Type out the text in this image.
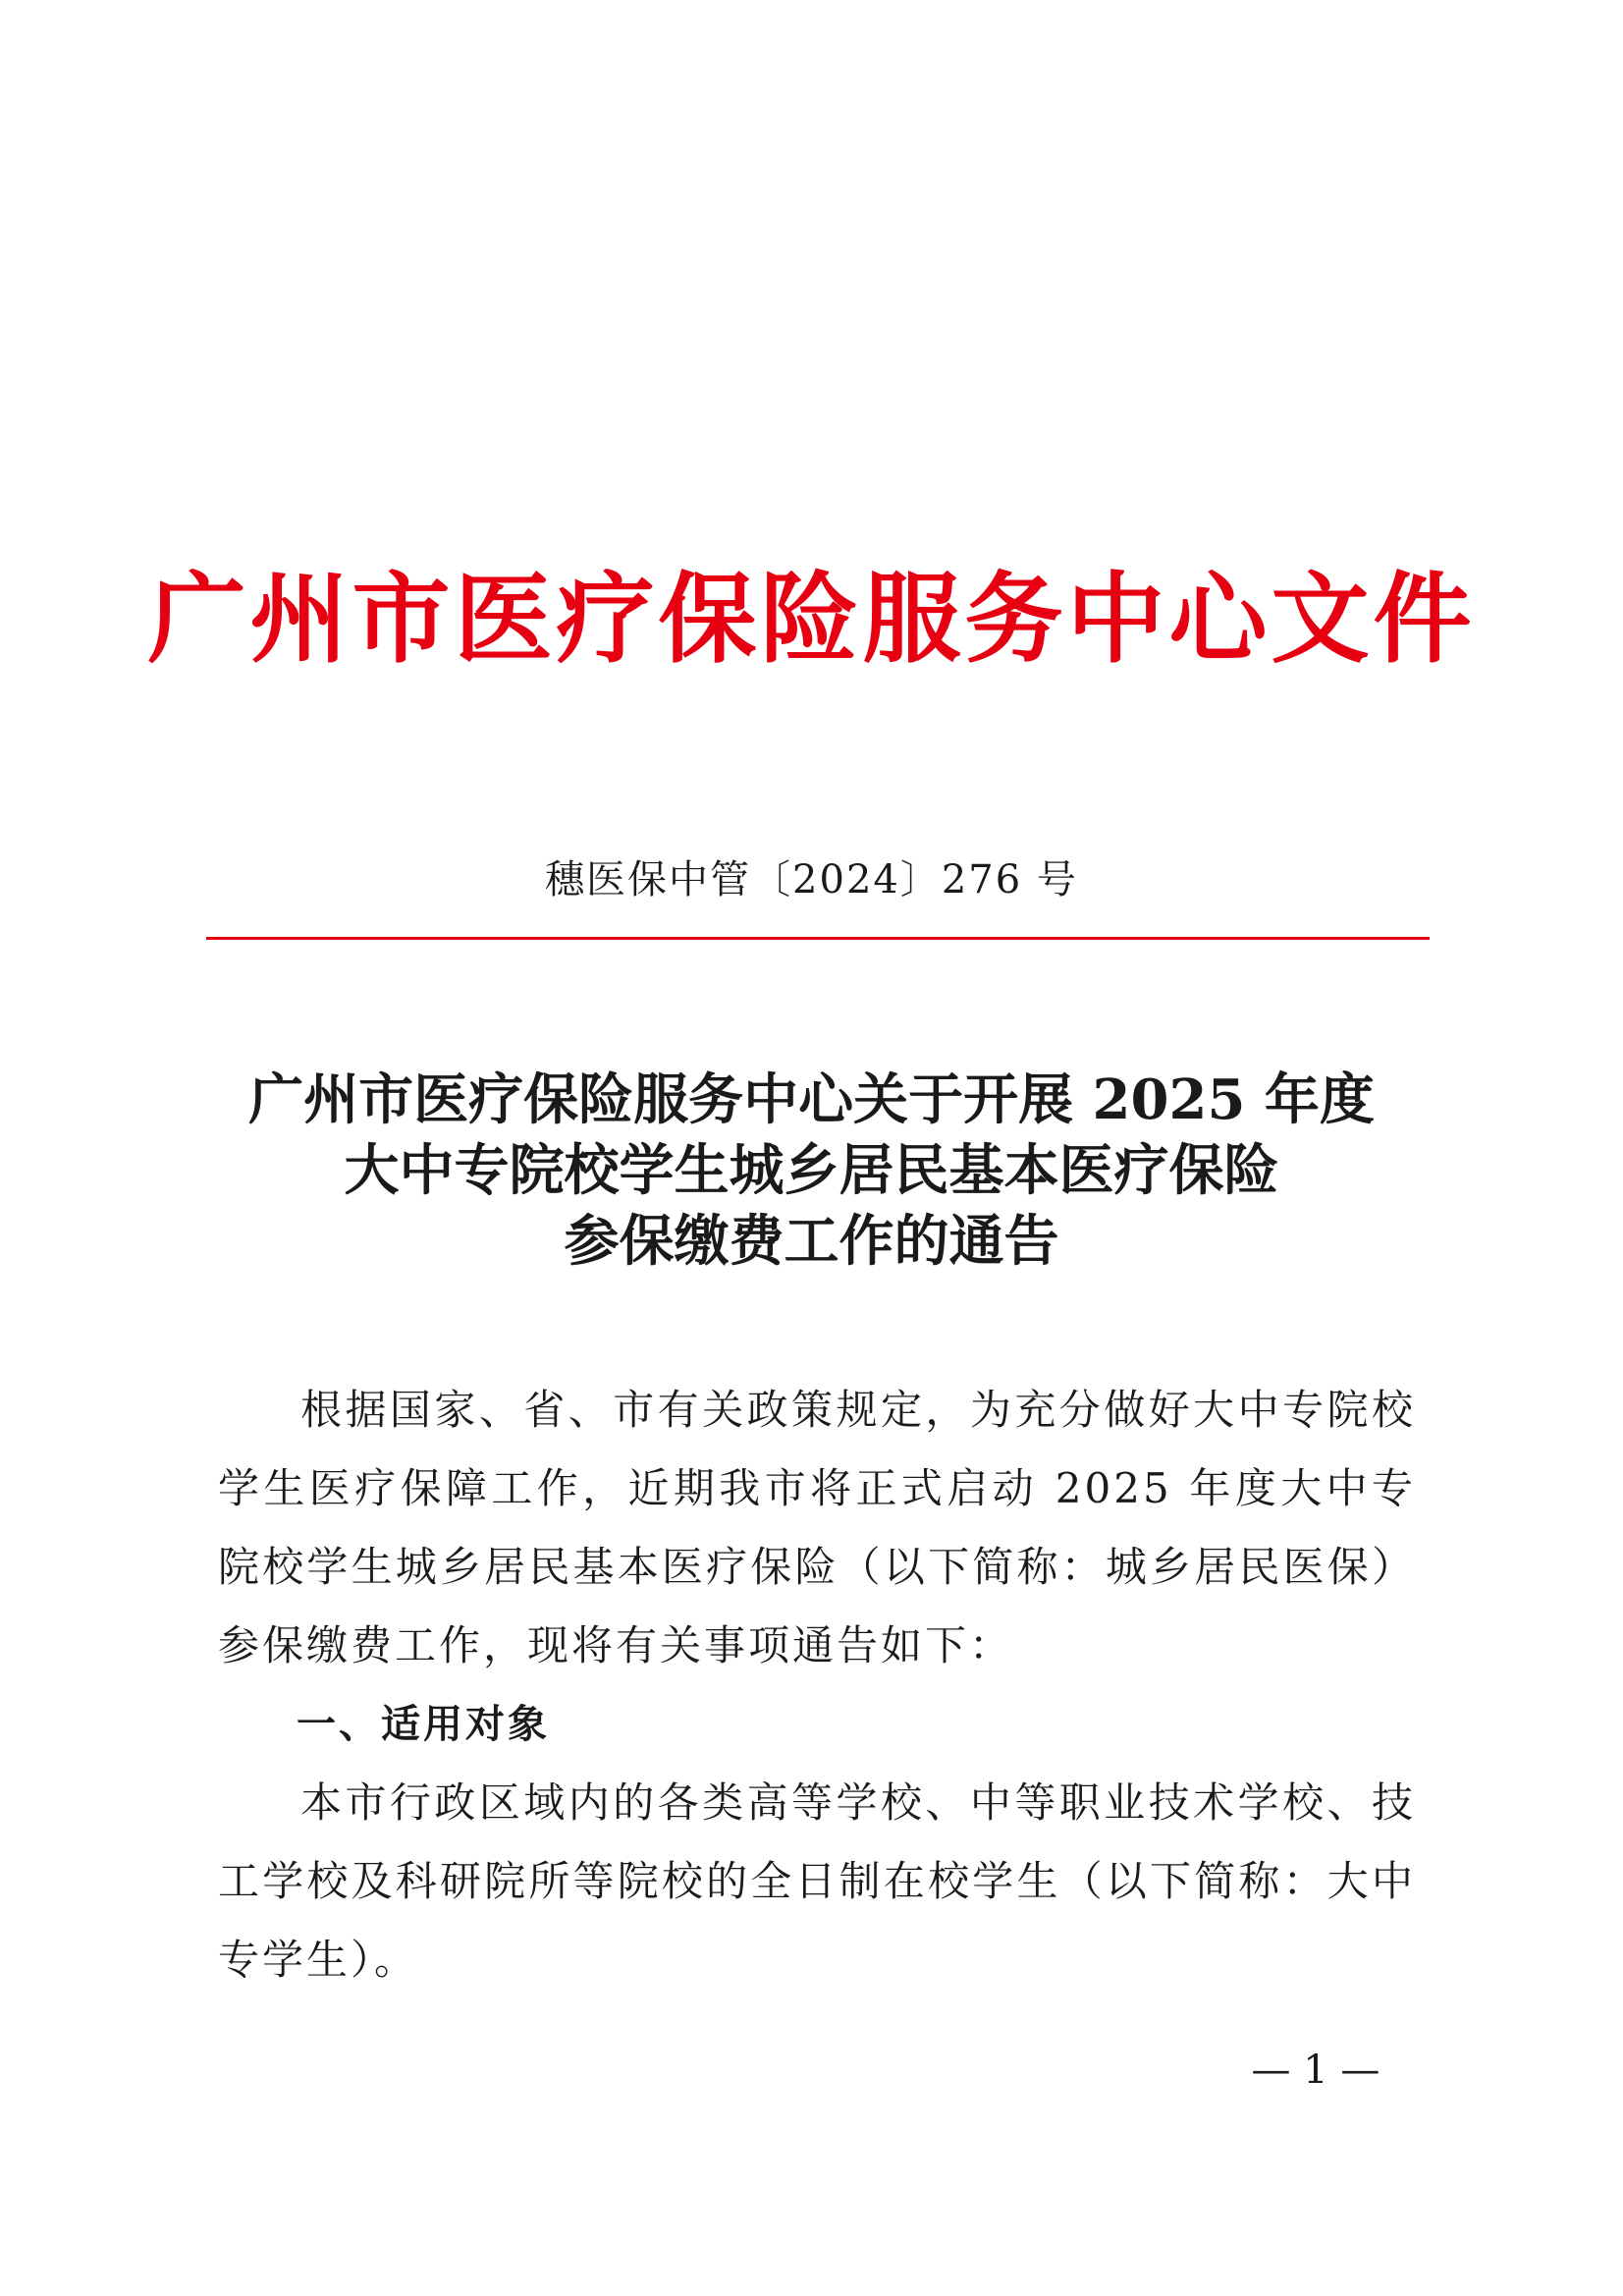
广州市医疗保险服务中心文件
穗医保中管〔2024〕276 号
广州市医疗保险服务中心关于开展 2025 年度
大中专院校学生城乡居民基本医疗保险
参保缴费工作的通告

根据国家、省、市有关政策规定，为充分做好大中专院校学生医疗保障工作，近期我市将正式启动 2025 年度大中专院校学生城乡居民基本医疗保险（以下简称：城乡居民医保）参保缴费工作，现将有关事项通告如下：

一、适用对象

本市行政区域内的各类高等学校、中等职业技术学校、技工学校及科研院所等院校的全日制在校学生（以下简称：大中专学生）。

— 1 —
